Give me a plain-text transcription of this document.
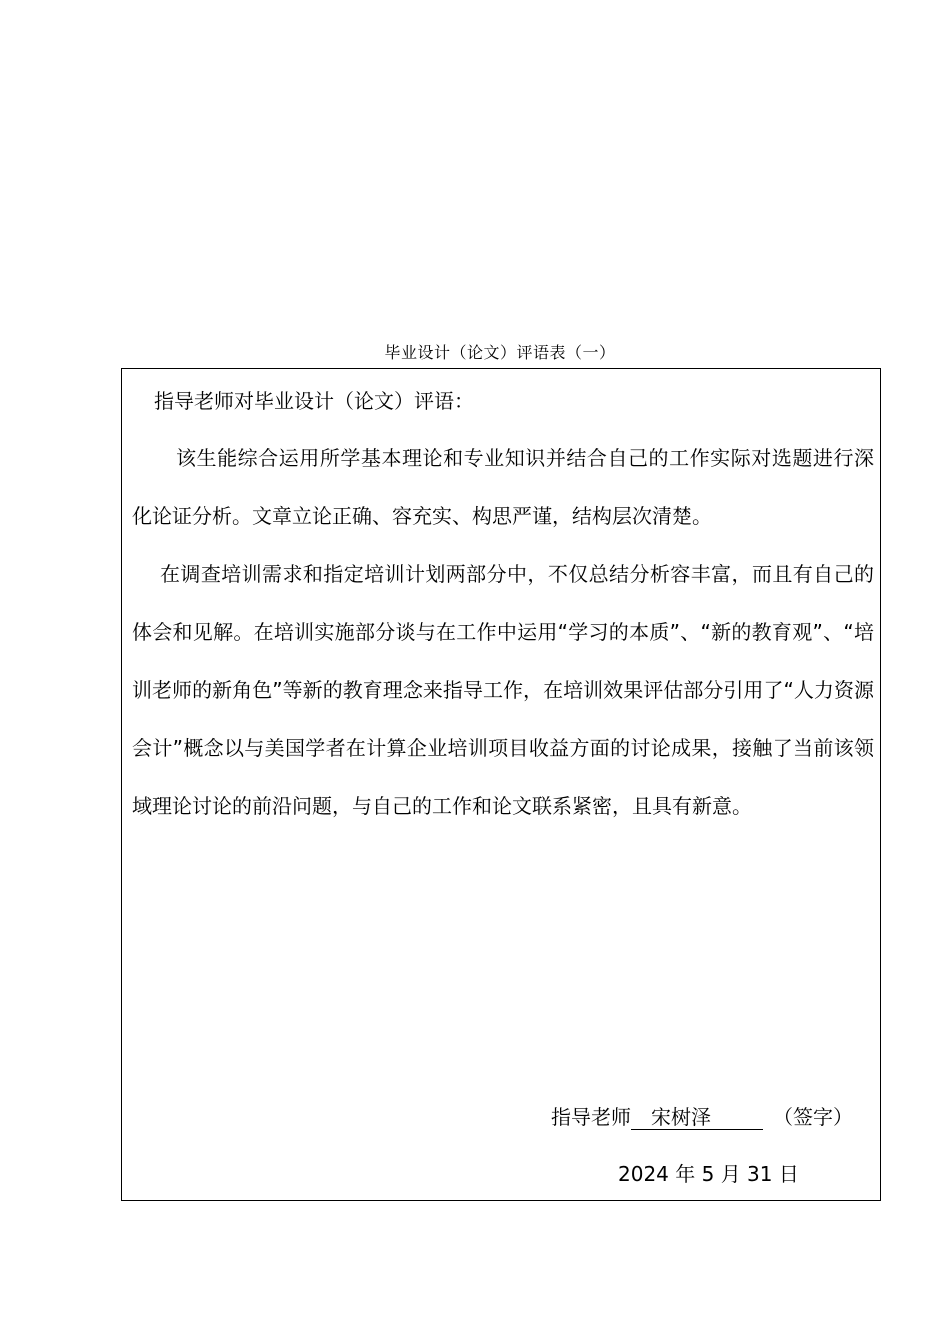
毕业设计（论文）评语表（一）
指导老师对毕业设计（论文）评语：

该生能综合运用所学基本理论和专业知识并结合自己的工作实际对选题进行深化论证分析。文章立论正确、容充实、构思严谨，结构层次清楚。

在调查培训需求和指定培训计划两部分中，不仅总结分析容丰富，而且有自己的体会和见解。在培训实施部分谈与在工作中运用“学习的本质”、“新的教育观”、“培训老师的新角色”等新的教育理念来指导工作，在培训效果评估部分引用了“人力资源会计”概念以与美国学者在计算企业培训项目收益方面的讨论成果，接触了当前该领域理论讨论的前沿问题，与自己的工作和论文联系紧密，且具有新意。

指导老师 宋树泽	（签字）
2024 年 5 月 31 日
